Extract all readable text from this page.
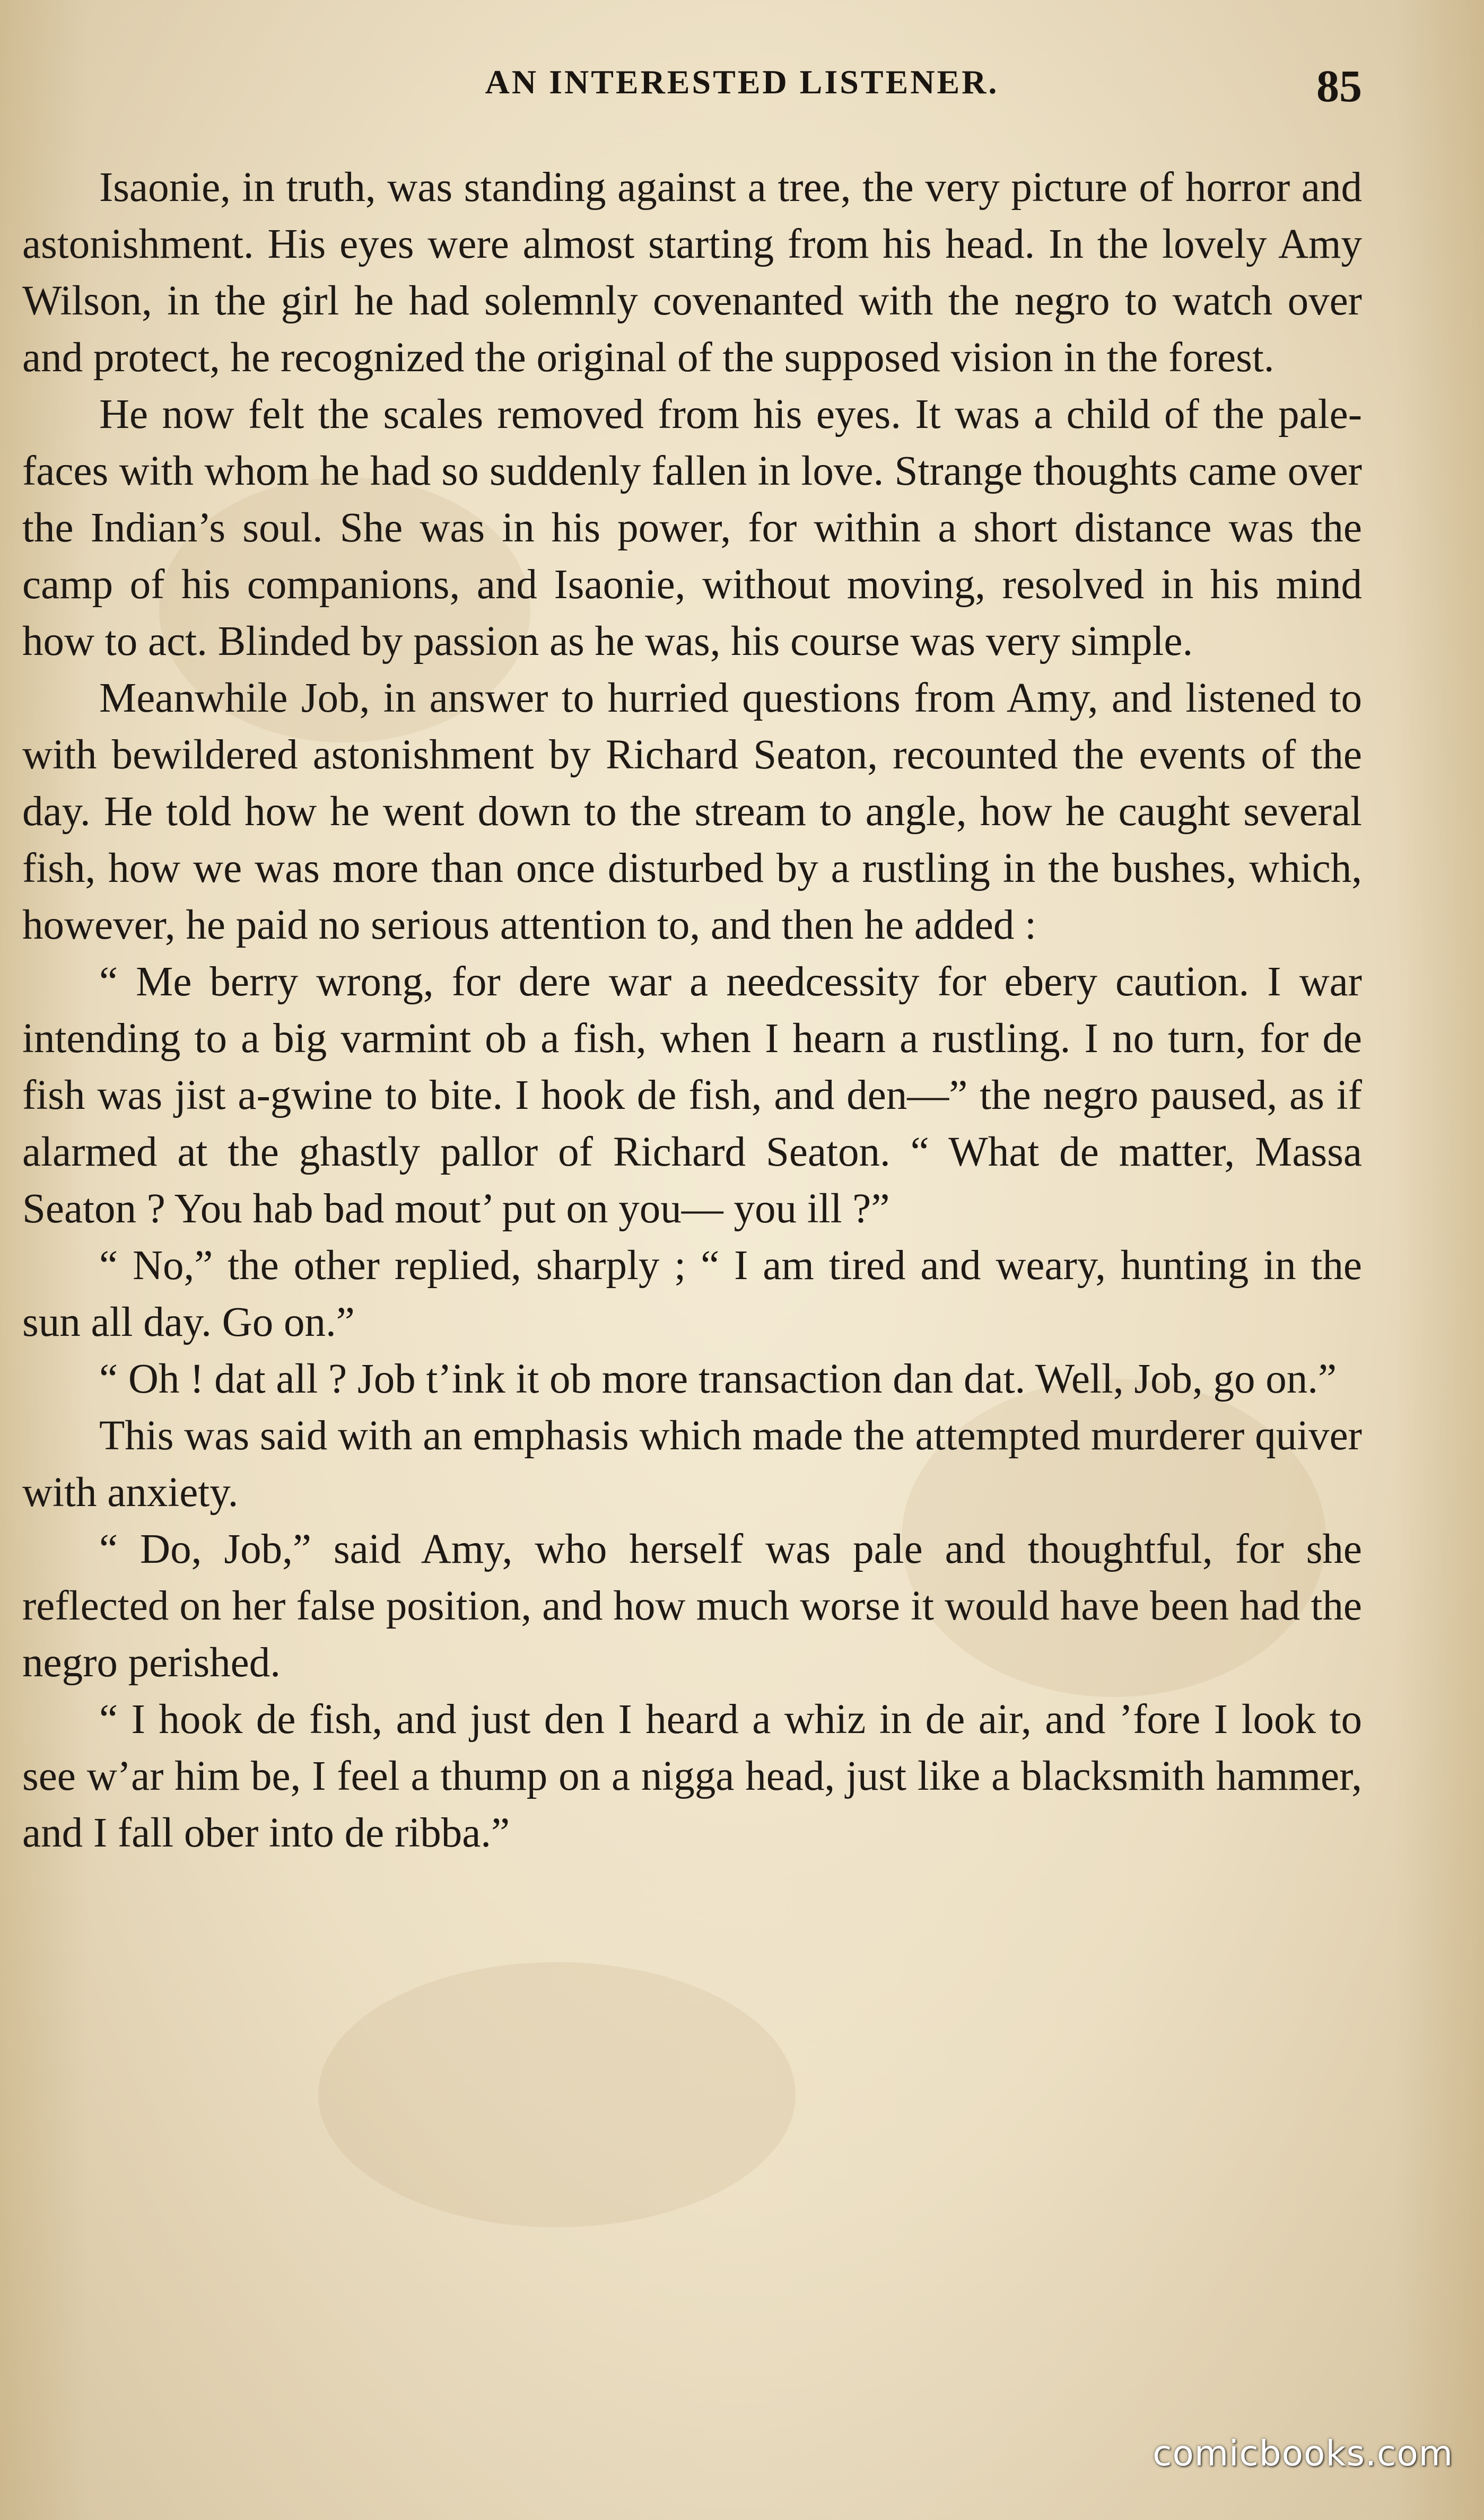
AN INTERESTED LISTENER.	85

Isaonie, in truth, was standing against a tree, the very picture of horror and astonishment. His eyes were almost starting from his head. In the lovely Amy Wilson, in the girl he had solemnly covenanted with the negro to watch over and protect, he recognized the original of the supposed vision in the forest.

He now felt the scales removed from his eyes. It was a child of the pale-faces with whom he had so suddenly fallen in love. Strange thoughts came over the Indian’s soul. She was in his power, for within a short distance was the camp of his companions, and Isaonie, without moving, resolved in his mind how to act. Blinded by passion as he was, his course was very simple.

Meanwhile Job, in answer to hurried questions from Amy, and listened to with bewildered astonishment by Richard Seaton, recounted the events of the day. He told how he went down to the stream to angle, how he caught several fish, how we was more than once disturbed by a rustling in the bushes, which, however, he paid no serious attention to, and then he added :

“ Me berry wrong, for dere war a needcessity for ebery caution. I war intending to a big varmint ob a fish, when I hearn a rustling. I no turn, for de fish was jist a-gwine to bite. I hook de fish, and den—” the negro paused, as if alarmed at the ghastly pallor of Richard Seaton. “ What de matter, Massa Seaton ? You hab bad mout’ put on you— you ill ?”

“ No,” the other replied, sharply ; “ I am tired and weary, hunting in the sun all day. Go on.”

“ Oh ! dat all ? Job t’ink it ob more transaction dan dat. Well, Job, go on.”

This was said with an emphasis which made the attempted murderer quiver with anxiety.

“ Do, Job,” said Amy, who herself was pale and thoughtful, for she reflected on her false position, and how much worse it would have been had the negro perished.

“ I hook de fish, and just den I heard a whiz in de air, and ’fore I look to see w’ar him be, I feel a thump on a nigga head, just like a blacksmith hammer, and I fall ober into de ribba.”

comicbooks.com
